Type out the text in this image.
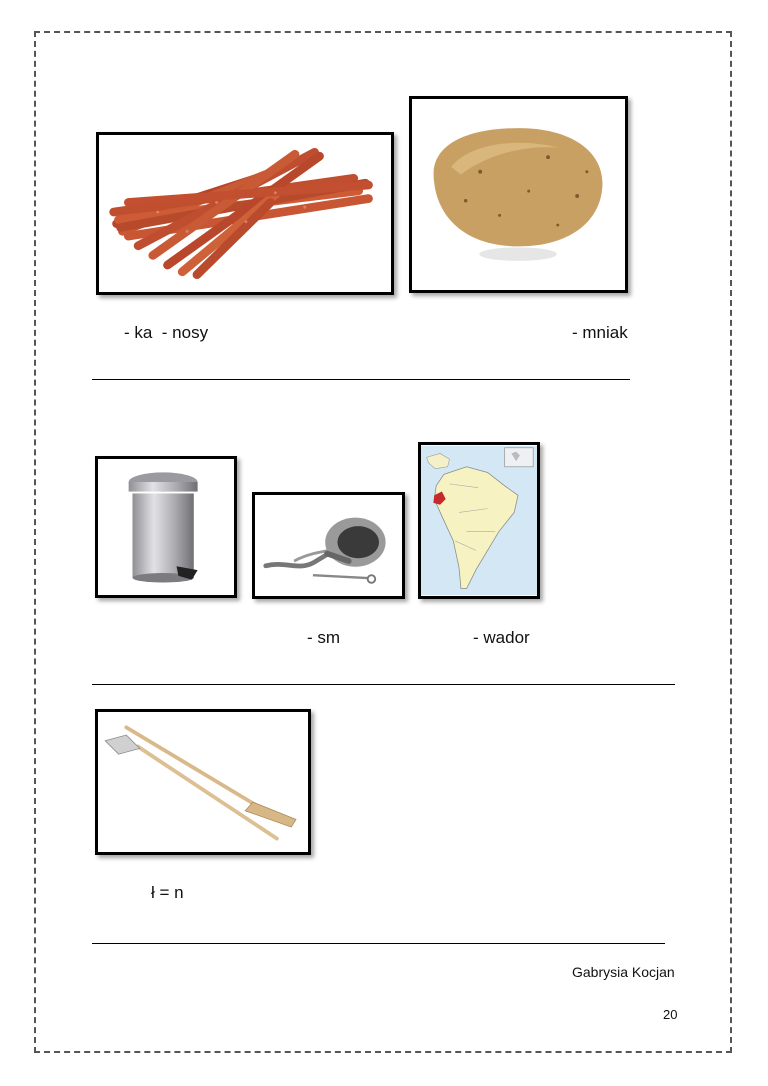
- ka  - nosy	- mniak
- sm	- wador
ł = n
Gabrysia Kocjan
20
